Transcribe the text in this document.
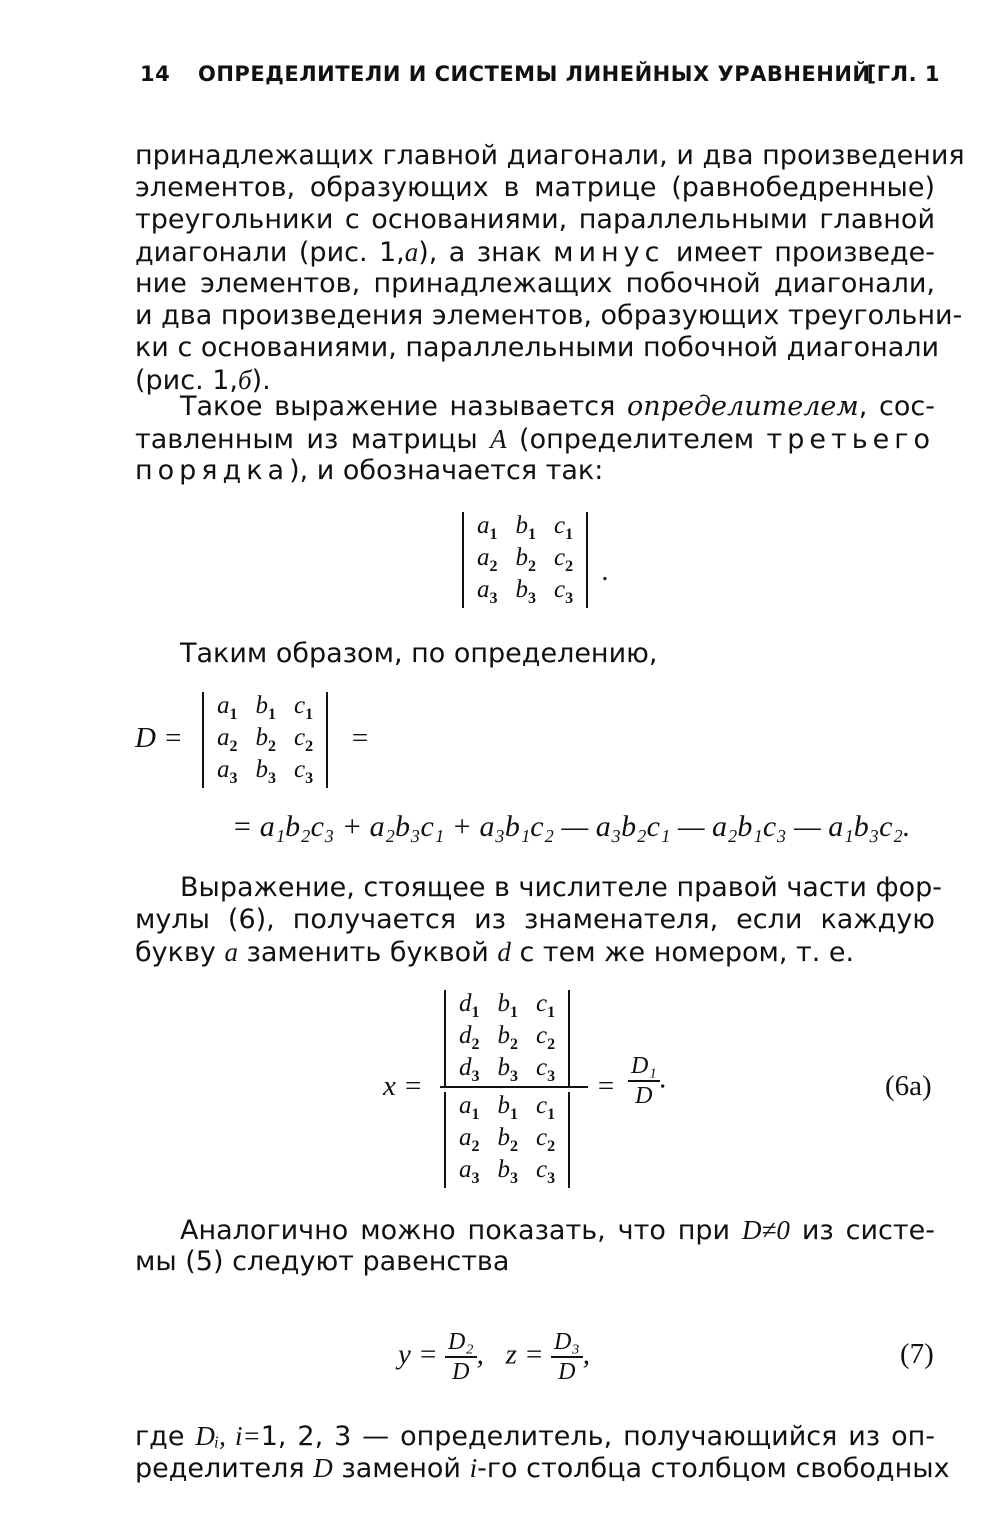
14 ОПРЕДЕЛИТЕЛИ И СИСТЕМЫ ЛИНЕЙНЫХ УРАВНЕНИЙ
[ГЛ. 1
принадлежащих главной диагонали, и два произведения
элементов, образующих в матрице (равнобедренные)
треугольники с основаниями, параллельными главной
диагонали (рис. 1,а), а знак минус имеет произведе-
ние элементов, принадлежащих побочной диагонали,
и два произведения элементов, образующих треугольни-
ки с основаниями, параллельными побочной диагонали
(рис. 1,б).
Такое выражение называется определителем, сос-
тавленным из матрицы A (определителем третьего
порядка), и обозначается так:
$a_1$	$b_1$	$c_1$
$a_2$	$b_2$	$c_2$
$a_3$	$b_3$	$c_3$
.
Таким образом, по определению,
D =
$a_1$	$b_1$	$c_1$
$a_2$	$b_2$	$c_2$
$a_3$	$b_3$	$c_3$
=
= a₁b₂c₃ + a₂b₃c₁ + a₃b₁c₂ — a₃b₂c₁ — a₂b₁c₃ — a₁b₃c₂.
Выражение, стоящее в числителе правой части фор-
мулы (6), получается из знаменателя, если каждую
букву a заменить буквой d с тем же номером, т. е.
x =
$d_1$	$b_1$	$c_1$
$d_2$	$b_2$	$c_2$
$d_3$	$b_3$	$c_3$
$a_1$	$b_1$	$c_1$
$a_2$	$b_2$	$c_2$
$a_3$	$b_3$	$c_3$
= $\frac{\text{D₁}}{D}$ .	(6а)
Аналогично можно показать, что при D≠0 из систе-
мы (5) следуют равенства
$y = \frac{\text{D₂}}{D}$ , $z = \frac{\text{D₃}}{D}$ ,	(7)
где Dᵢ, i=1, 2, 3 — определитель, получающийся из оп-
ределителя D заменой i-го столбца столбцом свободных
